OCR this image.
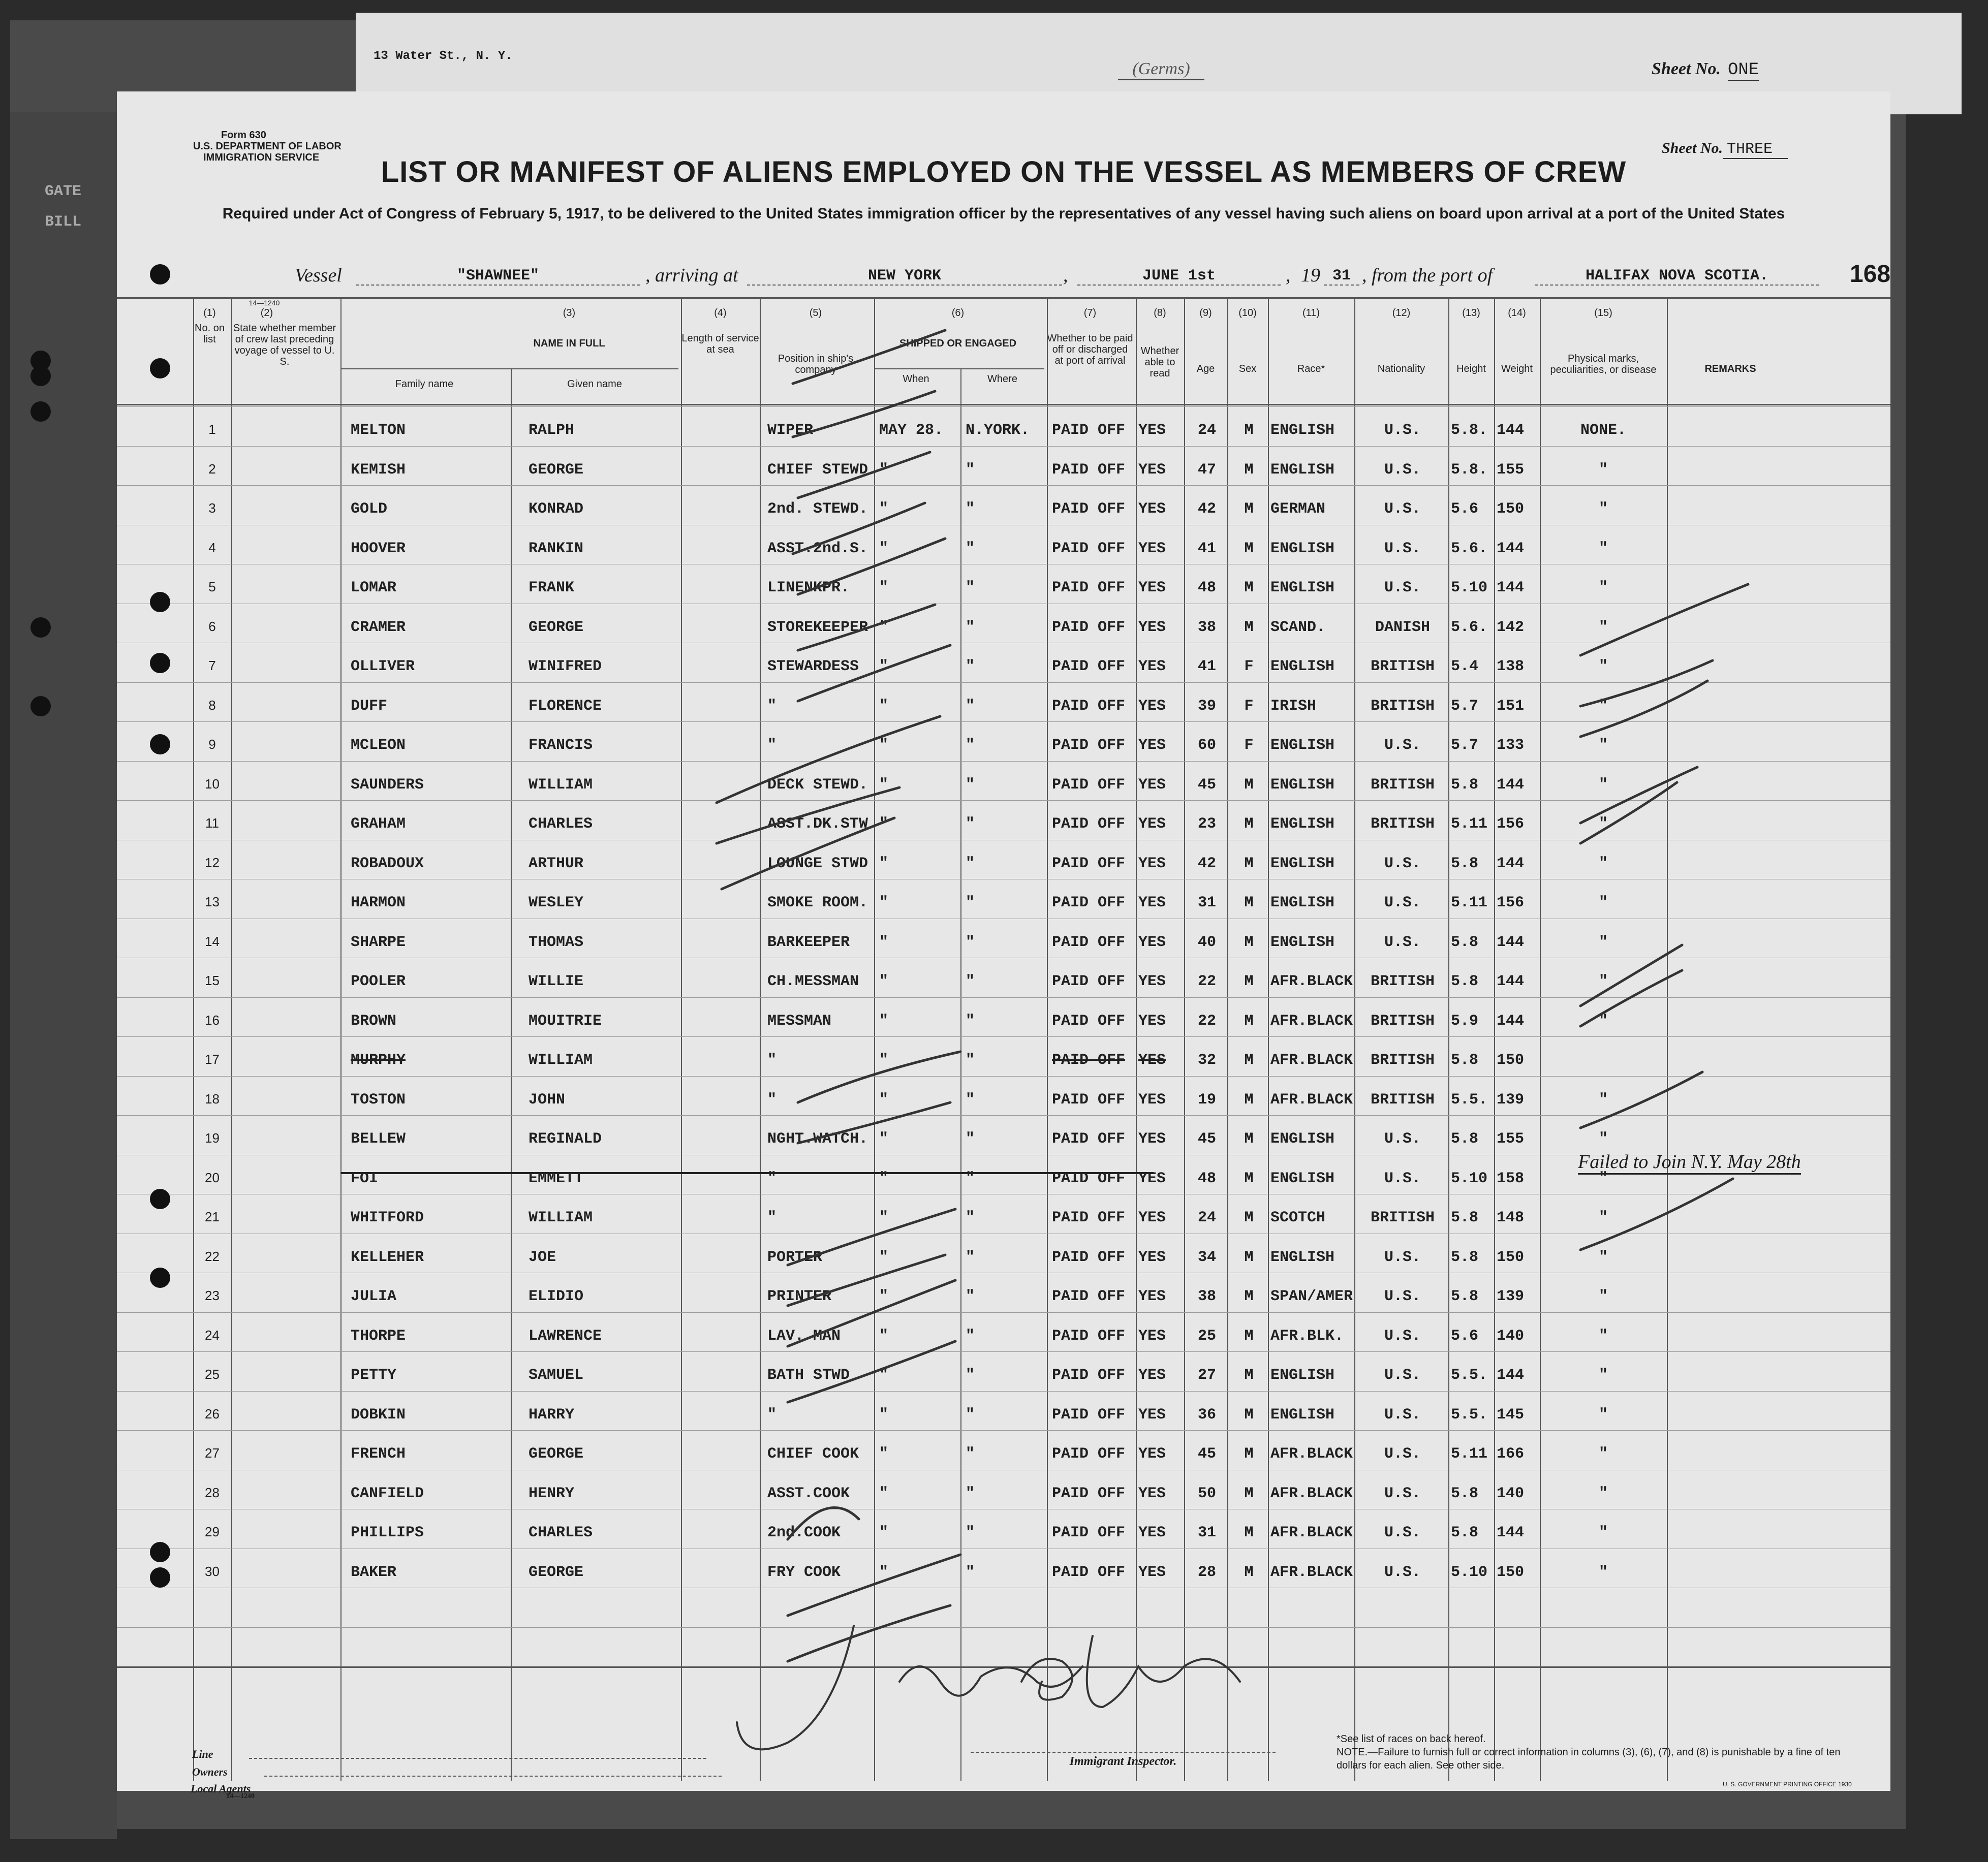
13 Water St., N. Y.
(Germs)	Sheet No. ONE
GATE
BILL
Form 630
U.S. DEPARTMENT OF LABOR
IMMIGRATION SERVICE
Sheet No. THREE
LIST OR MANIFEST OF ALIENS EMPLOYED ON THE VESSEL AS MEMBERS OF CREW
Required under Act of Congress of February 5, 1917, to be delivered to the United States immigration officer by the representatives of any vessel having such aliens on board upon arrival at a port of the United States
Vessel	"SHAWNEE"	, arriving at	NEW YORK	,	JUNE 1st	, 19 31 , from the port of	HALIFAX NOVA SCOTIA.	168
(1)
No. on list
14—1240
(2)
State whether member of crew last preceding voyage of vessel to U. S.
(3)
NAME IN FULL
Family name	Given name
(4)
Length of service at sea
(5)
Position in ship's company
(6)
SHIPPED OR ENGAGED
When	Where
(7)
Whether to be paid off or discharged at port of arrival
(8)
Whether able to read
(9)
Age
(10)
Sex
(11)
Race*
(12)
Nationality
(13)
Height
(14)
Weight
(15)
Physical marks, peculiarities, or disease	REMARKS
1	MELTON	RALPH	WIPER	MAY 28.	N.YORK.	PAID OFF YES	24	M	ENGLISH	U.S.	5.8. 144	NONE.
2	KEMISH	GEORGE	CHIEF STEWD. "	"	PAID OFF YES	47	M	ENGLISH	U.S.	5.8. 155	"
3	GOLD	KONRAD	2nd. STEWD. "	"	PAID OFF YES	42	M	GERMAN	U.S.	5.6	150	"
4	HOOVER	RANKIN	ASST.2nd.S. "	"	PAID OFF YES	41	M	ENGLISH	U.S.	5.6. 144	"
5	LOMAR	FRANK	LINENKPR.	"	"	PAID OFF YES	48	M	ENGLISH	U.S.	5.10 144	"
6	CRAMER	GEORGE	STOREKEEPER "	"	PAID OFF YES	38	M	SCAND.	DANISH	5.6. 142	"
7	OLLIVER	WINIFRED	STEWARDESS	"	"	PAID OFF YES	41	F	ENGLISH	BRITISH	5.4	138	"
8	DUFF	FLORENCE	"	"	"	PAID OFF YES	39	F	IRISH	BRITISH	5.7	151	"
9	MCLEON	FRANCIS	"	"	"	PAID OFF YES	60	F	ENGLISH	U.S.	5.7	133	"
10	SAUNDERS	WILLIAM	DECK STEWD. "	"	PAID OFF YES	45	M	ENGLISH	BRITISH	5.8	144	"
11	GRAHAM	CHARLES	ASST.DK.STW "	"	PAID OFF YES	23	M	ENGLISH	BRITISH	5.11 156	"
12	ROBADOUX	ARTHUR	LOUNGE STWD "	"	PAID OFF YES	42	M	ENGLISH	U.S.	5.8	144	"
13	HARMON	WESLEY	SMOKE ROOM. "	"	PAID OFF YES	31	M	ENGLISH	U.S.	5.11 156	"
14	SHARPE	THOMAS	BARKEEPER	"	"	PAID OFF YES	40	M	ENGLISH	U.S.	5.8	144	"
15	POOLER	WILLIE	CH.MESSMAN	"	"	PAID OFF YES	22	M	AFR.BLACK	BRITISH	5.8	144	"
16	BROWN	MOUITRIE	MESSMAN	"	"	PAID OFF YES	22	M	AFR.BLACK	BRITISH	5.9	144	"
17	MURPHY	WILLIAM	"	"	"	PAID OFF YES	32	M	AFR.BLACK	BRITISH	5.8	150
18	TOSTON	JOHN	"	"	"	PAID OFF YES	19	M	AFR.BLACK	BRITISH	5.5. 139	"
19	BELLEW	REGINALD	NGHT.WATCH. "	"	PAID OFF YES	45	M	ENGLISH	U.S.	5.8	155	"
20	FOI	EMMETT	"	"	"	PAID OFF YES	48	M	ENGLISH	U.S.	5.10 158	"
21	WHITFORD	WILLIAM	"	"	"	PAID OFF YES	24	M	SCOTCH	BRITISH	5.8	148	"
22	KELLEHER	JOE	PORTER	"	"	PAID OFF YES	34	M	ENGLISH	U.S.	5.8	150	"
23	JULIA	ELIDIO	PRINTER	"	"	PAID OFF YES	38	M	SPAN/AMER	U.S.	5.8	139	"
24	THORPE	LAWRENCE	LAV. MAN	"	"	PAID OFF YES	25	M	AFR.BLK.	U.S.	5.6	140	"
25	PETTY	SAMUEL	BATH STWD	"	"	PAID OFF YES	27	M	ENGLISH	U.S.	5.5. 144	"
26	DOBKIN	HARRY	"	"	"	PAID OFF YES	36	M	ENGLISH	U.S.	5.5. 145	"
27	FRENCH	GEORGE	CHIEF COOK	"	"	PAID OFF YES	45	M	AFR.BLACK	U.S.	5.11 166	"
28	CANFIELD	HENRY	ASST.COOK	"	"	PAID OFF YES	50	M	AFR.BLACK	U.S.	5.8	140	"
29	PHILLIPS	CHARLES	2nd.COOK	"	"	PAID OFF YES	31	M	AFR.BLACK	U.S.	5.8	144	"
30	BAKER	GEORGE	FRY COOK	"	"	PAID OFF YES	28	M	AFR.BLACK	U.S.	5.10 150	"
Failed to Join N.Y. May 28th
Line
Owners
Local Agents
14—1240
Immigrant Inspector.
*See list of races on back hereof.
NOTE.—Failure to furnish full or correct information in columns (3), (6), (7), and (8) is punishable by a fine of ten dollars for each alien. See other side.
U. S. GOVERNMENT PRINTING OFFICE 1930
